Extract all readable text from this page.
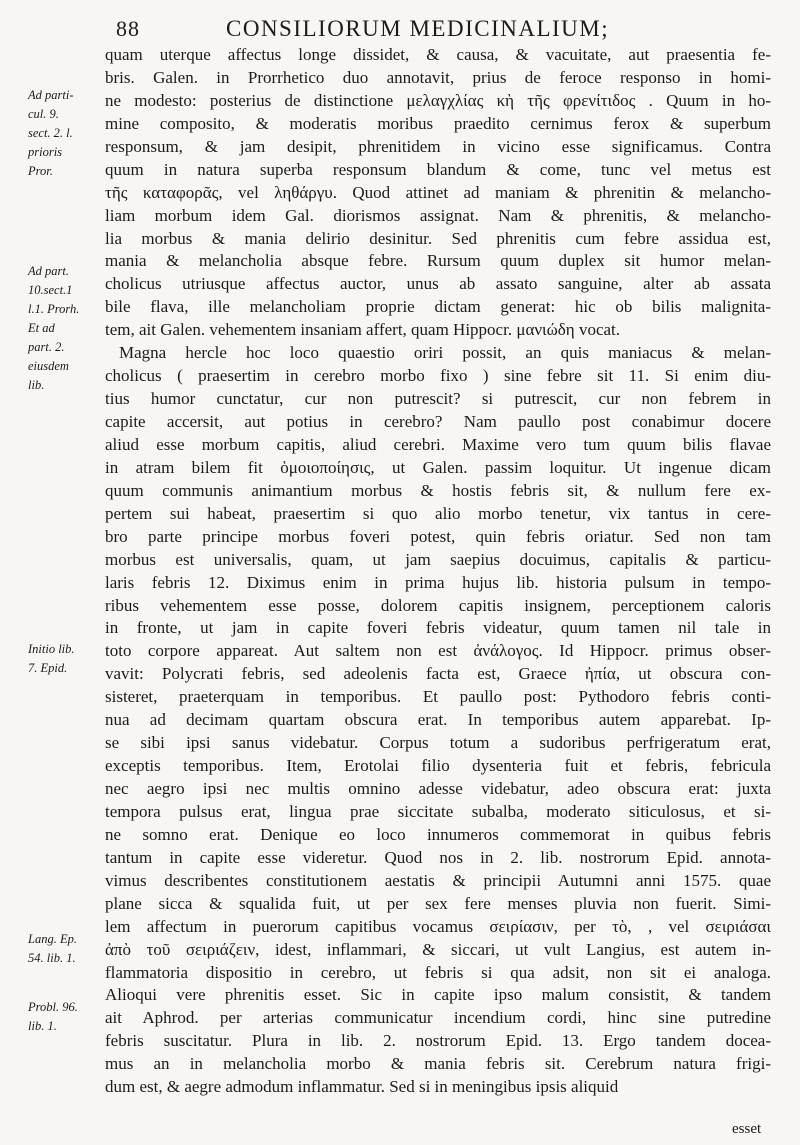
88	CONSILIORUM MEDICINALIUM;
Ad parti-
cul. 9.
sect. 2. l.
prioris
Pror.
Ad part.
10.sect.1
l.1. Prorh.
Et ad
part. 2.
eiusdem
lib.
Initio lib.
7. Epid.
Lang. Ep.
54. lib. 1.
Probl. 96.
lib. 1.
quam uterque affectus longe dissidet, & causa, & vacuitate, aut praesentia fe-
bris. Galen. in Prorrhetico duo annotavit, prius de feroce responso in homi-
ne modesto: posterius de distinctione μελαγχλίας κὴ τῆς φρενίτιδος . Quum in ho-
mine composito, & moderatis moribus praedito cernimus ferox & superbum
responsum, & jam desipit, phrenitidem in vicino esse significamus. Contra
quum in natura superba responsum blandum & come, tunc vel metus est
τῆς καταφορᾶς, vel ληθάργυ. Quod attinet ad maniam & phrenitin & melancho-
liam morbum idem Gal. diorismos assignat. Nam & phrenitis, & melancho-
lia morbus & mania delirio desinitur. Sed phrenitis cum febre assidua est,
mania & melancholia absque febre. Rursum quum duplex sit humor melan-
cholicus utriusque affectus auctor, unus ab assato sanguine, alter ab assata
bile flava, ille melancholiam proprie dictam generat: hic ob bilis malignita-
tem, ait Galen. vehementem insaniam affert, quam Hippocr. μανιώδη vocat.
Magna hercle hoc loco quaestio oriri possit, an quis maniacus & melan-
cholicus ( praesertim in cerebro morbo fixo ) sine febre sit 11. Si enim diu-
tius humor cunctatur, cur non putrescit? si putrescit, cur non febrem in
capite accersit, aut potius in cerebro? Nam paullo post conabimur docere
aliud esse morbum capitis, aliud cerebri. Maxime vero tum quum bilis flavae
in atram bilem fit ὁμοιοποίησις, ut Galen. passim loquitur. Ut ingenue dicam
quum communis animantium morbus & hostis febris sit, & nullum fere ex-
pertem sui habeat, praesertim si quo alio morbo tenetur, vix tantus in cere-
bro parte principe morbus foveri potest, quin febris oriatur. Sed non tam
morbus est universalis, quam, ut jam saepius docuimus, capitalis & particu-
laris febris 12. Diximus enim in prima hujus lib. historia pulsum in tempo-
ribus vehementem esse posse, dolorem capitis insignem, perceptionem caloris
in fronte, ut jam in capite foveri febris videatur, quum tamen nil tale in
toto corpore appareat. Aut saltem non est ἀνάλογος. Id Hippocr. primus obser-
vavit: Polycrati febris, sed adeolenis facta est, Graece ἠπία, ut obscura con-
sisteret, praeterquam in temporibus. Et paullo post: Pythodoro febris conti-
nua ad decimam quartam obscura erat. In temporibus autem apparebat. Ip-
se sibi ipsi sanus videbatur. Corpus totum a sudoribus perfrigeratum erat,
exceptis temporibus. Item, Erotolai filio dysenteria fuit et febris, febricula
nec aegro ipsi nec multis omnino adesse videbatur, adeo obscura erat: juxta
tempora pulsus erat, lingua prae siccitate subalba, moderato siticulosus, et si-
ne somno erat. Denique eo loco innumeros commemorat in quibus febris
tantum in capite esse videretur. Quod nos in 2. lib. nostrorum Epid. annota-
vimus describentes constitutionem aestatis & principii Autumni anni 1575. quae
plane sicca & squalida fuit, ut per sex fere menses pluvia non fuerit. Simi-
lem affectum in puerorum capitibus vocamus σειρίασιν, per τὸ, , vel σειριάσαι
ἀπὸ τοῦ σειριάζειν, idest, inflammari, & siccari, ut vult Langius, est autem in-
flammatoria dispositio in cerebro, ut febris si qua adsit, non sit ei analoga.
Alioqui vere phrenitis esset. Sic in capite ipso malum consistit, & tandem
ait Aphrod. per arterias communicatur incendium cordi, hinc sine putredine
febris suscitatur. Plura in lib. 2. nostrorum Epid. 13. Ergo tandem docea-
mus an in melancholia morbo & mania febris sit. Cerebrum natura frigi-
dum est, & aegre admodum inflammatur. Sed si in meningibus ipsis aliquid
esset
